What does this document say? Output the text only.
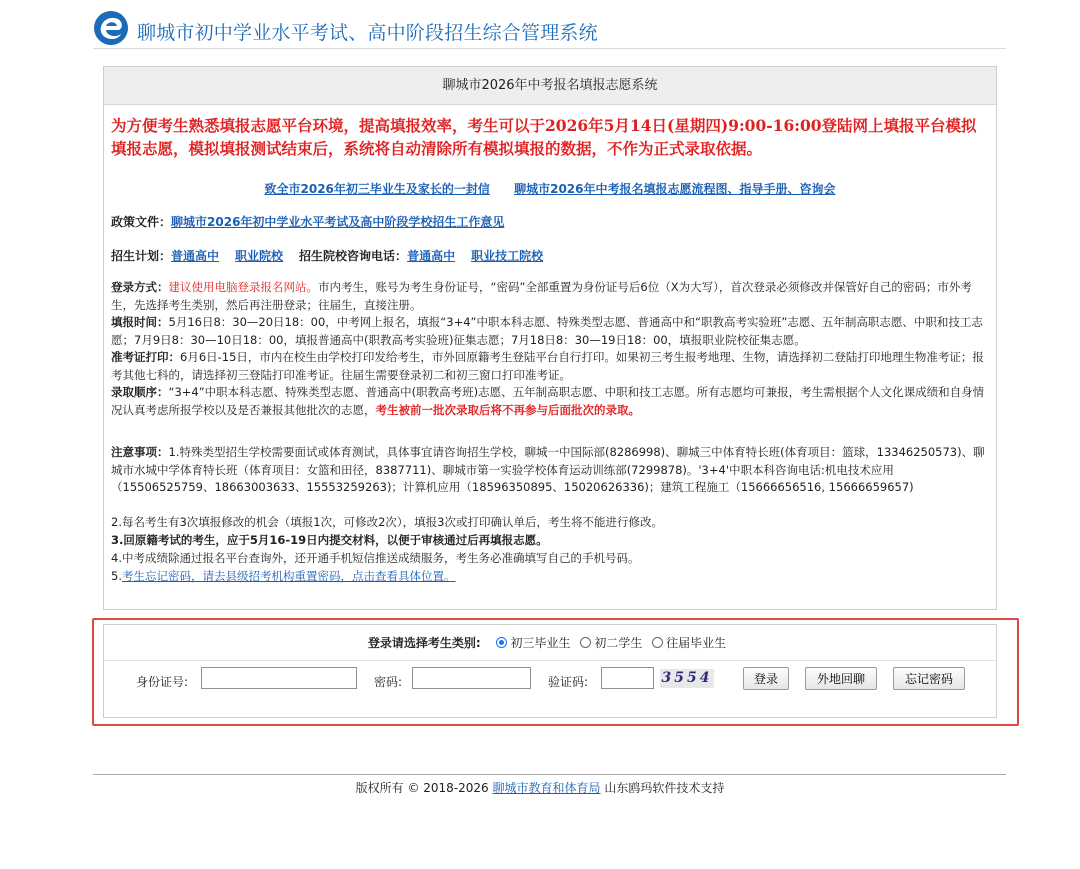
聊城市初中学业水平考试、高中阶段招生综合管理系统
聊城市2026年中考报名填报志愿系统
为方便考生熟悉填报志愿平台环境，提高填报效率，考生可以于2026年5月14日(星期四)9:00-16:00登陆网上填报平台模拟填报志愿，模拟填报测试结束后，系统将自动清除所有模拟填报的数据，不作为正式录取依据。
致全市2026年初三毕业生及家长的一封信 聊城市2026年中考报名填报志愿流程图、指导手册、咨询会
政策文件：聊城市2026年初中学业水平考试及高中阶段学校招生工作意见
招生计划：普通高中 职业院校 招生院校咨询电话：普通高中 职业技工院校
登录方式：建议使用电脑登录报名网站。市内考生，账号为考生身份证号，“密码”全部重置为身份证号后6位（X为大写），首次登录必须修改并保管好自己的密码；市外考生，先选择考生类别，然后再注册登录；往届生，直接注册。
填报时间：5月16日8：30—20日18：00，中考网上报名，填报“3+4”中职本科志愿、特殊类型志愿、普通高中和“职教高考实验班”志愿、五年制高职志愿、中职和技工志愿；7月9日8：30—10日18：00，填报普通高中(职教高考实验班)征集志愿；7月18日8：30—19日18：00，填报职业院校征集志愿。
准考证打印：6月6日-15日，市内在校生由学校打印发给考生，市外回原籍考生登陆平台自行打印。如果初三考生报考地理、生物，请选择初二登陆打印地理生物准考证；报考其他七科的，请选择初三登陆打印准考证。往届生需要登录初二和初三窗口打印准考证。
录取顺序：“3+4”中职本科志愿、特殊类型志愿、普通高中(职教高考班)志愿、五年制高职志愿、中职和技工志愿。所有志愿均可兼报，考生需根据个人文化课成绩和自身情况认真考虑所报学校以及是否兼报其他批次的志愿，考生被前一批次录取后将不再参与后面批次的录取。
注意事项：1.特殊类型招生学校需要面试或体育测试，具体事宜请咨询招生学校，聊城一中国际部(8286998)、聊城三中体育特长班(体育项目：篮球，13346250573)、聊城市水城中学体育特长班（体育项目：女篮和田径，8387711)、聊城市第一实验学校体育运动训练部(7299878)。'3+4'中职本科咨询电话:机电技术应用（15506525759、18663003633、15553259263)；计算机应用（18596350895、15020626336)；建筑工程施工（15666656516, 15666659657)
2.每名考生有3次填报修改的机会（填报1次，可修改2次），填报3次或打印确认单后，考生将不能进行修改。
3.回原籍考试的考生，应于5月16-19日内提交材料，以便于审核通过后再填报志愿。
4.中考成绩除通过报名平台查询外，还开通手机短信推送成绩服务，考生务必准确填写自己的手机号码。
5.考生忘记密码，请去县级招考机构重置密码，点击查看具体位置。
登录请选择考生类别: 初三毕业生 初二学生 往届毕业生
身份证号:	密码:	验证码:	3554	登录	外地回聊	忘记密码
版权所有 © 2018-2026 聊城市教育和体育局 山东鸥玛软件技术支持
